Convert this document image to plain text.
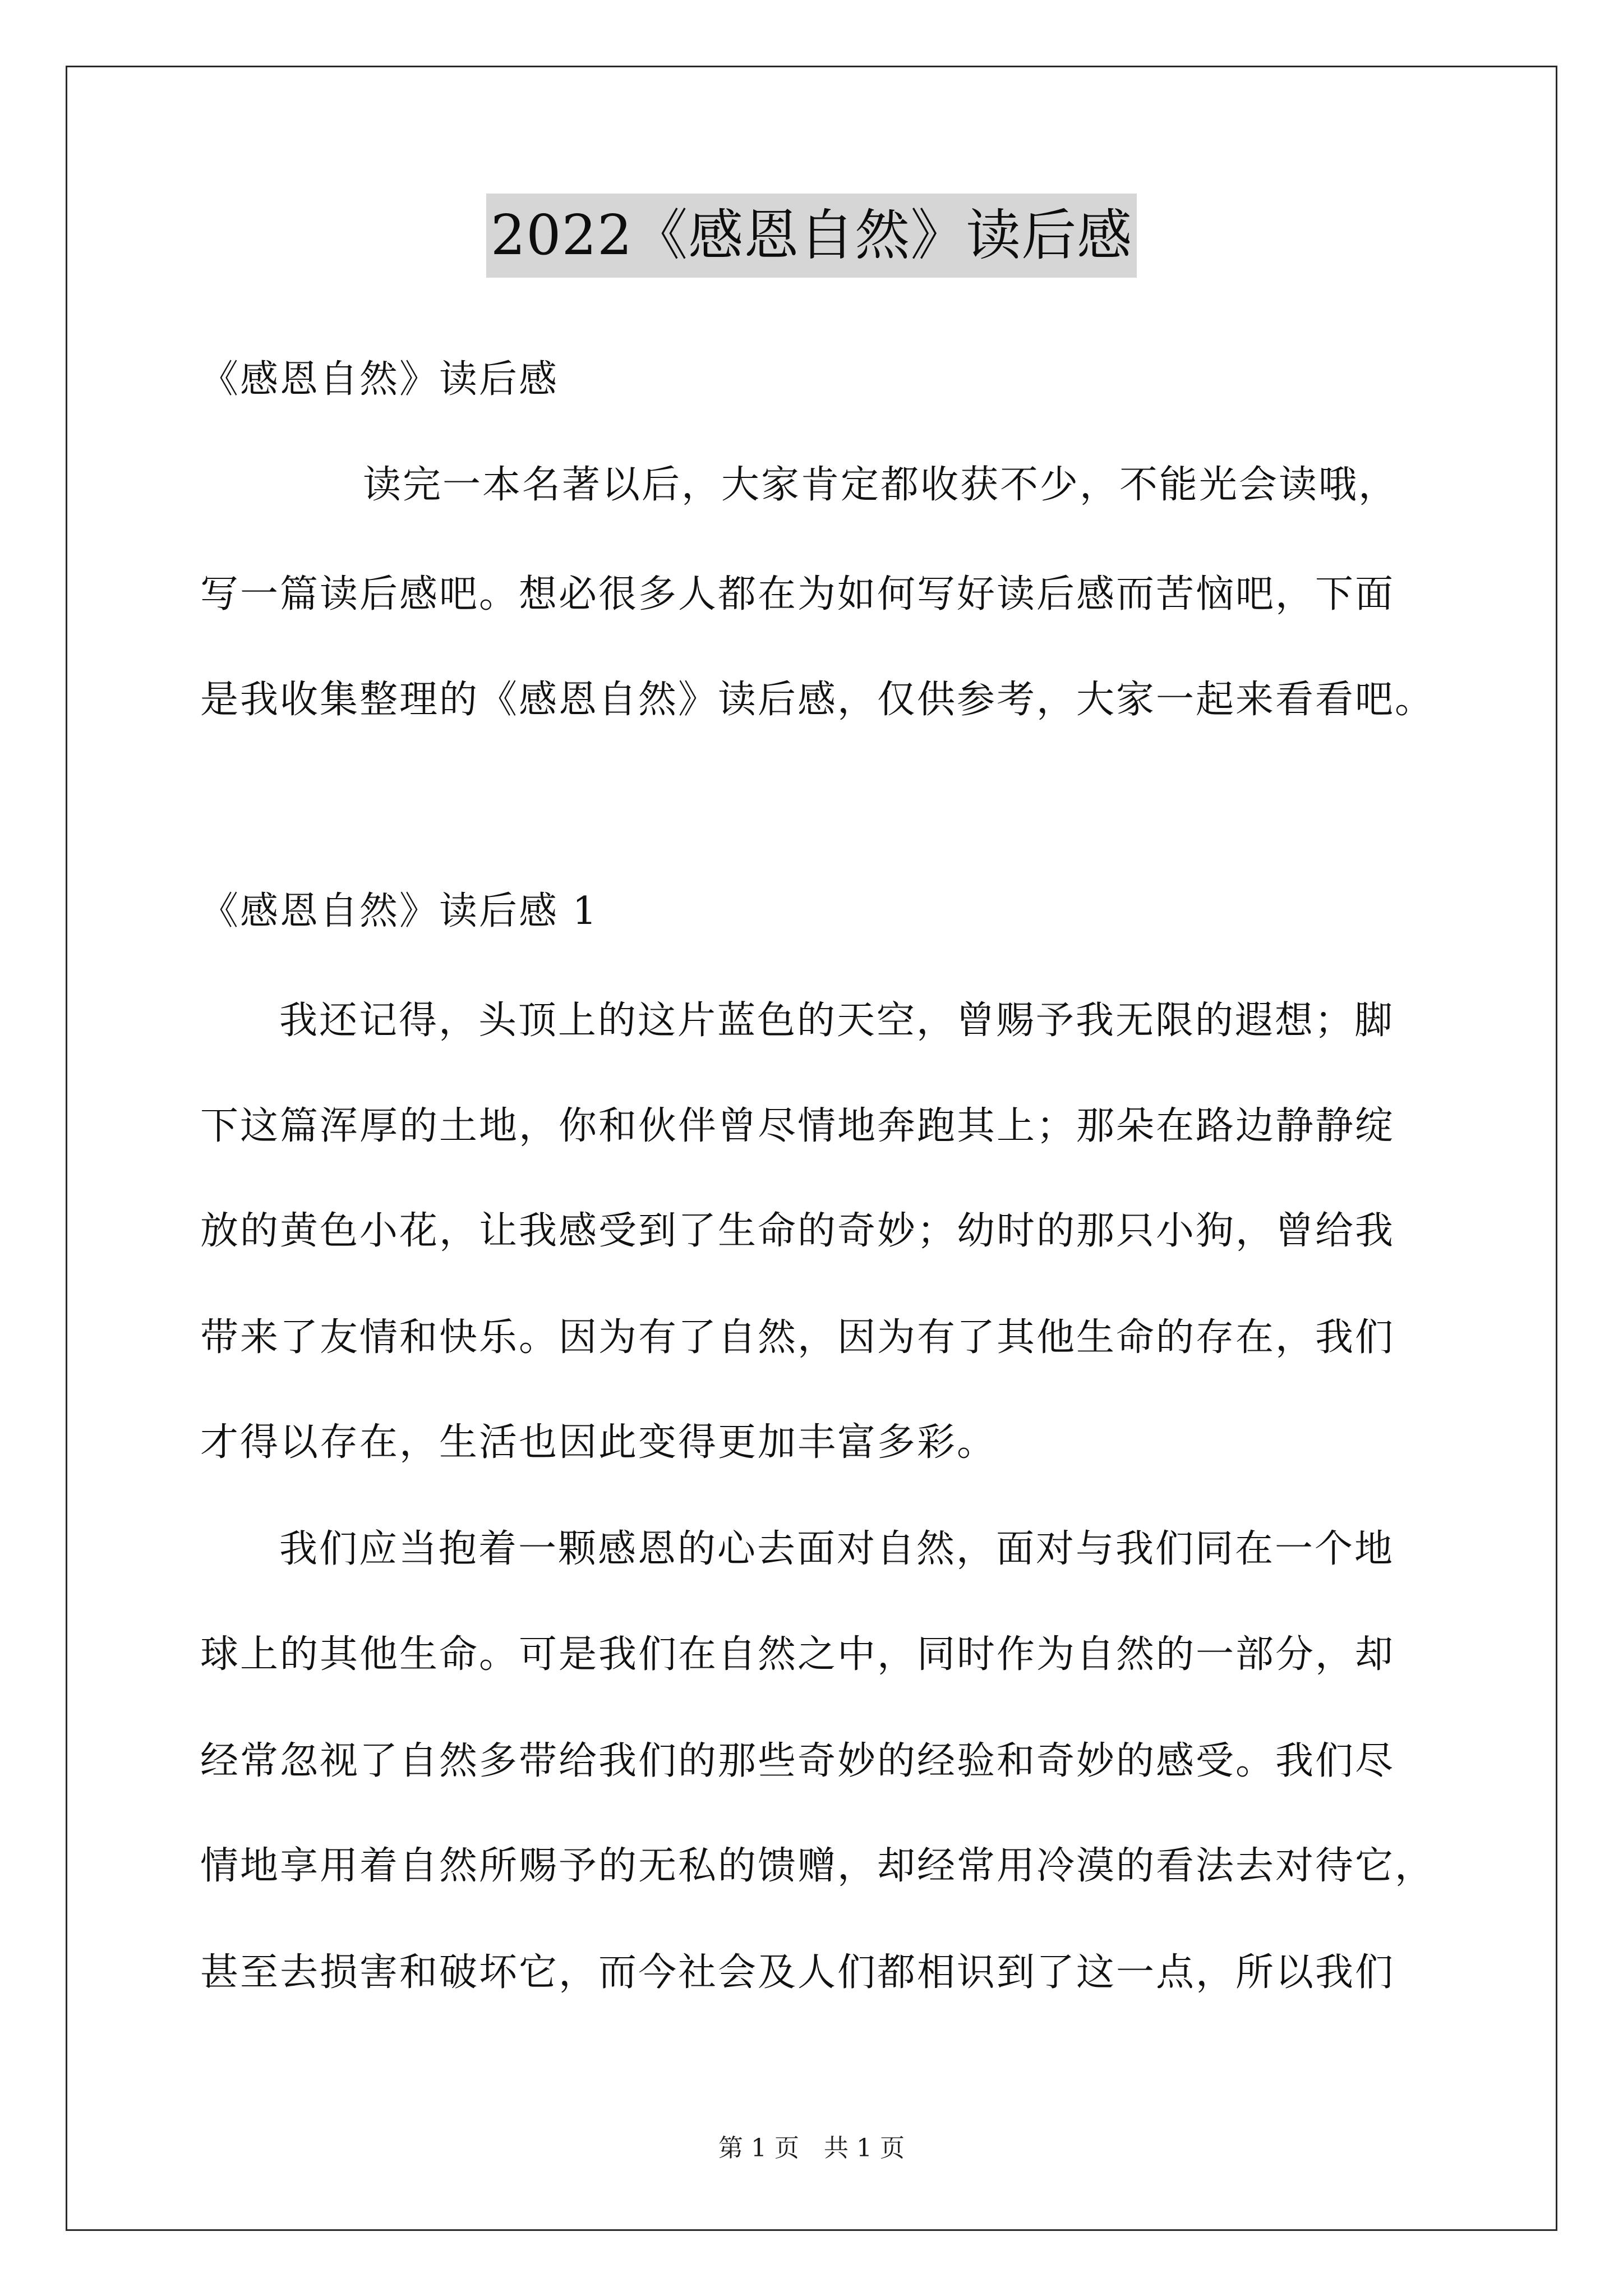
2022《感恩自然》读后感
《感恩自然》读后感
读完一本名著以后，大家肯定都收获不少，不能光会读哦，
写一篇读后感吧。想必很多人都在为如何写好读后感而苦恼吧，下面
是我收集整理的《感恩自然》读后感，仅供参考，大家一起来看看吧。
《感恩自然》读后感 1
我还记得，头顶上的这片蓝色的天空，曾赐予我无限的遐想；脚
下这篇浑厚的土地，你和伙伴曾尽情地奔跑其上；那朵在路边静静绽
放的黄色小花，让我感受到了生命的奇妙；幼时的那只小狗，曾给我
带来了友情和快乐。因为有了自然，因为有了其他生命的存在，我们
才得以存在，生活也因此变得更加丰富多彩。
我们应当抱着一颗感恩的心去面对自然，面对与我们同在一个地
球上的其他生命。可是我们在自然之中，同时作为自然的一部分，却
经常忽视了自然多带给我们的那些奇妙的经验和奇妙的感受。我们尽
情地享用着自然所赐予的无私的馈赠，却经常用冷漠的看法去对待它，
甚至去损害和破坏它，而今社会及人们都相识到了这一点，所以我们
第 1 页　共 1 页
